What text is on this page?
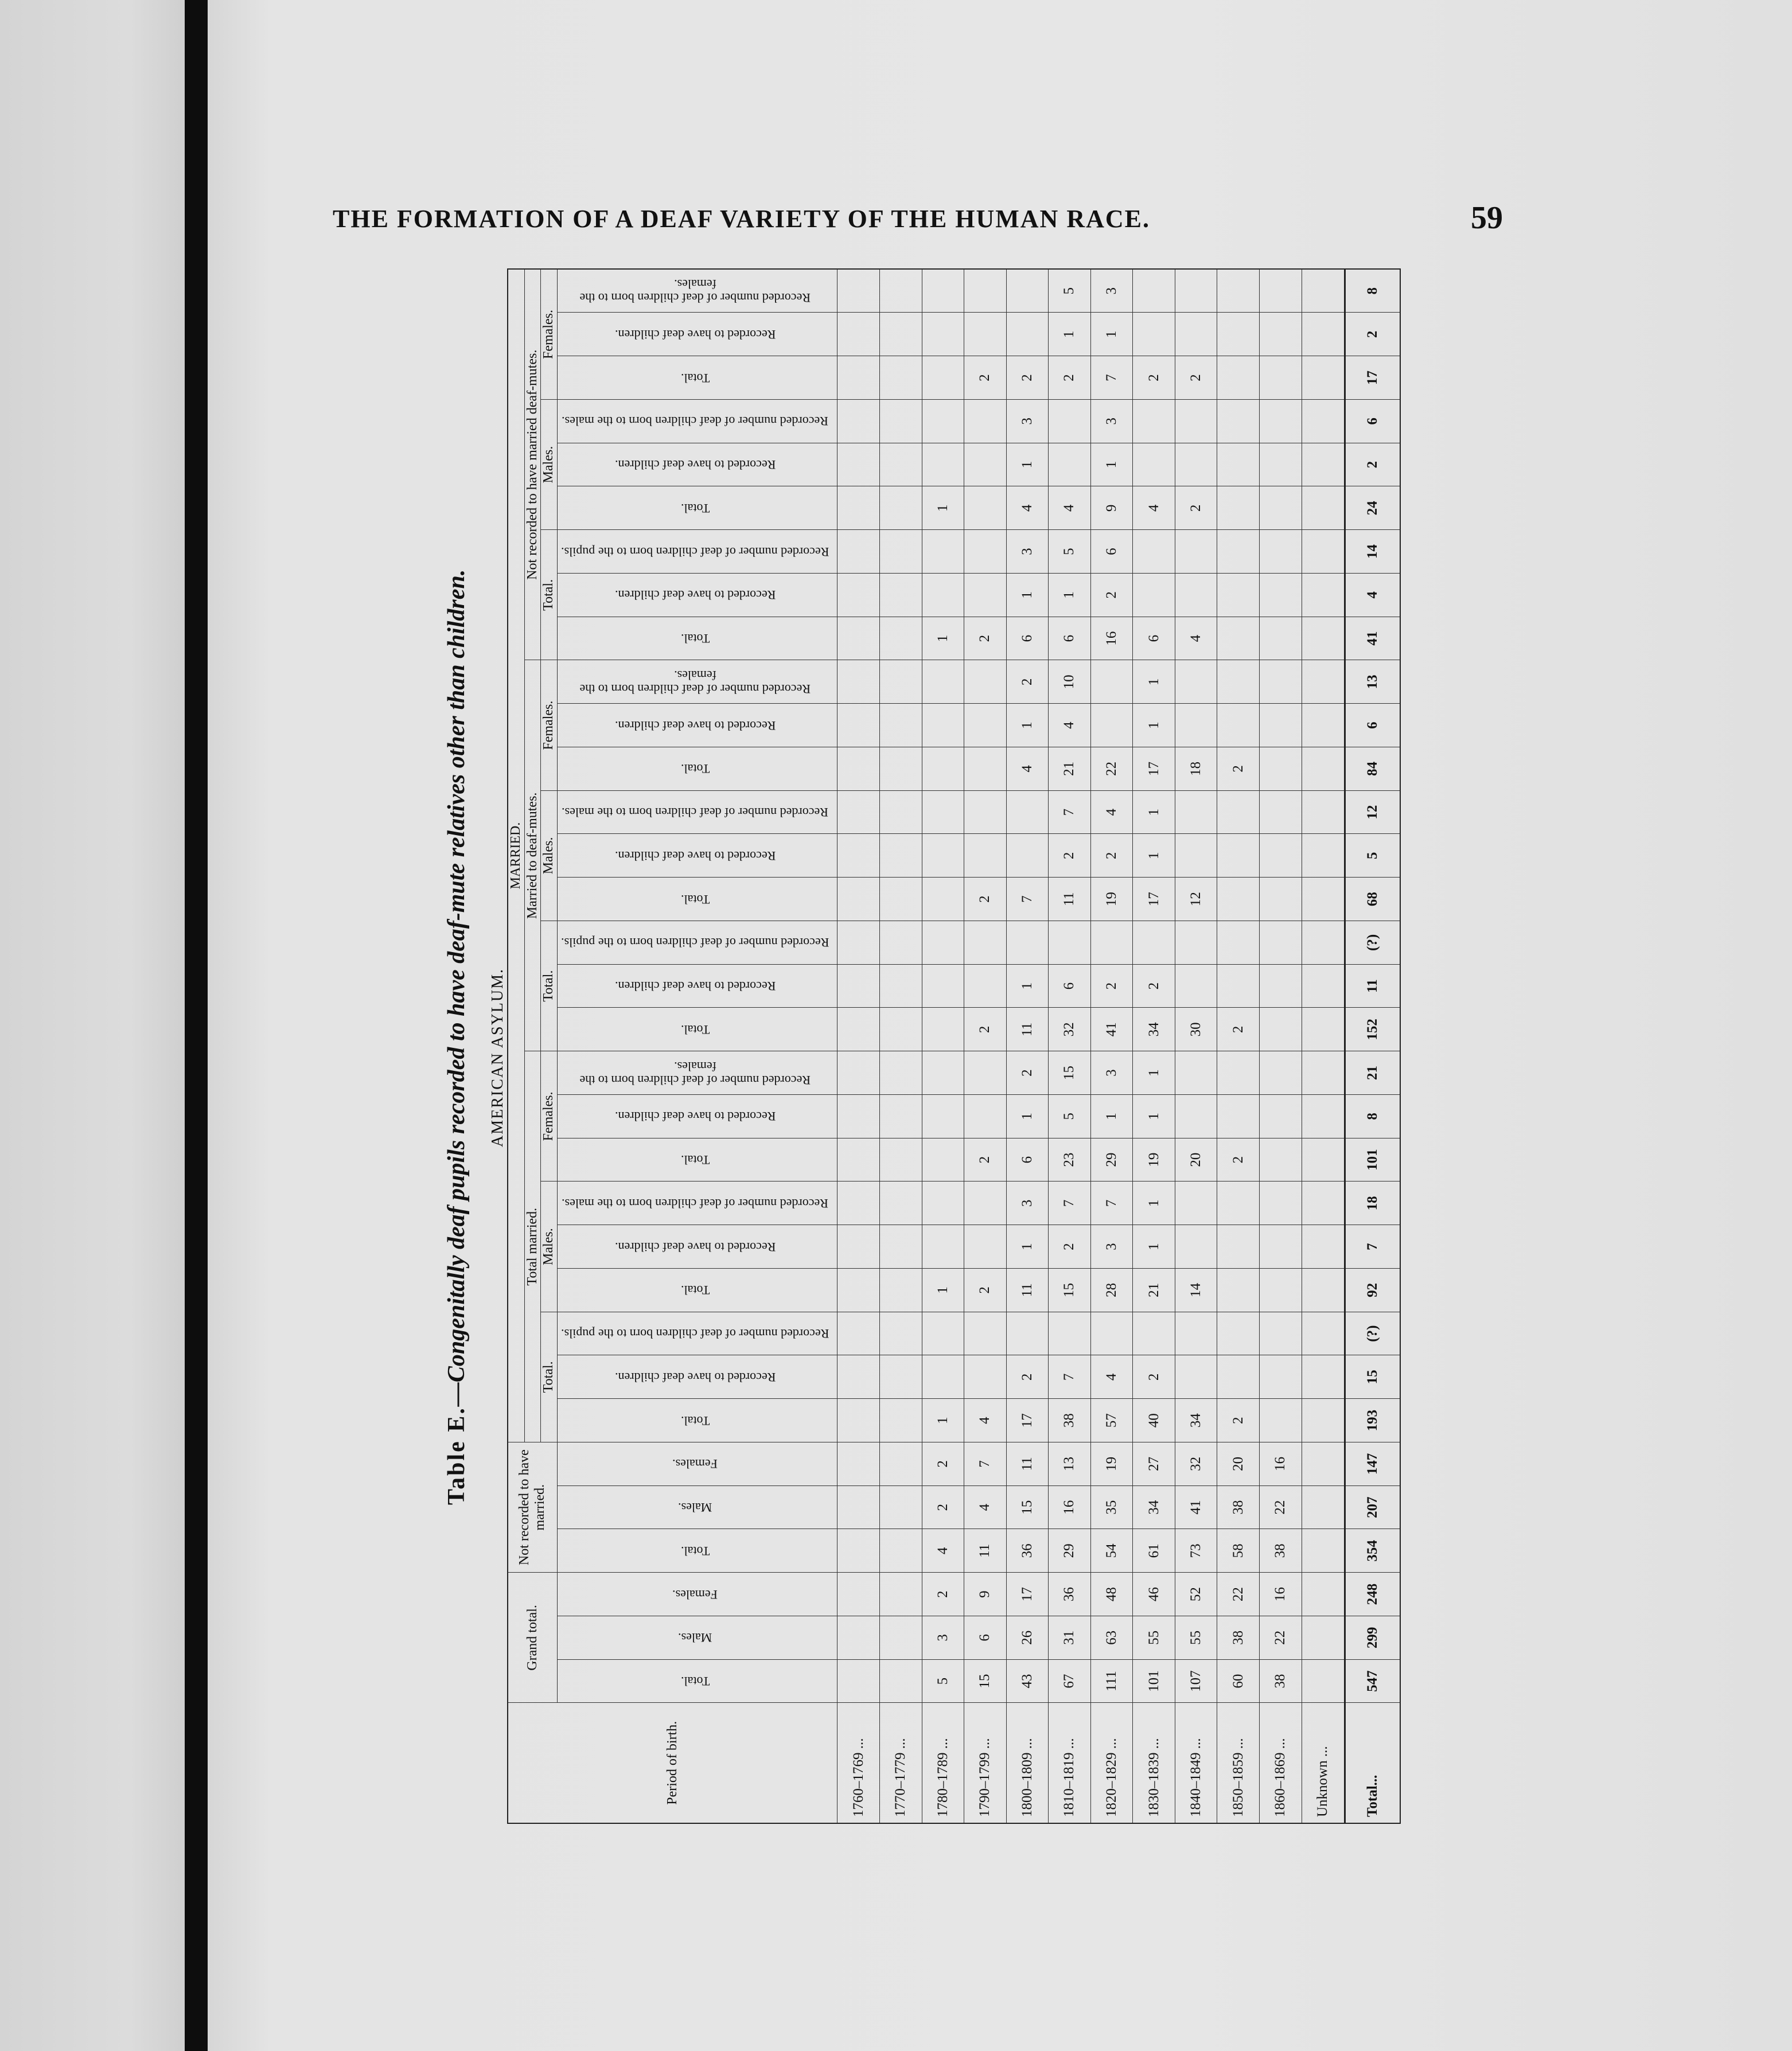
THE FORMATION OF A DEAF VARIETY OF THE HUMAN RACE.	59
Table E.—Congenitally deaf pupils recorded to have deaf-mute relatives other than children. AMERICAN ASYLUM.
Period of birth.	Grand total.			Not recorded to have married.			MARRIED.																										
							Total married.									Married to deaf-mutes.									Not recorded to have married deaf-mutes.								
							Total.			Males.			Females.			Total.			Males.			Females.			Total.			Males.			Females.		
	Total.	Males.	Females.	Total.	Males.	Females.	Total.	Recorded to have deaf children.	Recorded number of deaf children born to the pupils.	Total.	Recorded to have deaf children.	Recorded number of deaf children born to the males.	Total.	Recorded to have deaf children.	Recorded number of deaf children born to the females.	Total.	Recorded to have deaf children.	Recorded number of deaf children born to the pupils.	Total.	Recorded to have deaf children.	Recorded number of deaf children born to the males.	Total.	Recorded to have deaf children.	Recorded number of deaf children born to the females.	Total.	Recorded to have deaf children.	Recorded number of deaf children born to the pupils.	Total.	Recorded to have deaf children.	Recorded number of deaf children born to the males.	Total.	Recorded to have deaf children.	Recorded number of deaf children born to the females.
1760–1769 ...																																	
1770–1779 ...																																	
1780–1789 ...	5	3	2	4	2	2	1			1															1			1					
1790–1799 ...	15	6	9	11	4	7	4			2			2			2			2						2						2		
1800–1809 ...	43	26	17	36	15	11	17	2		11	1	3	6	1	2	11	1		7			4	1	2	6	1	3	4	1	3	2		
1810–1819 ...	67	31	36	29	16	13	38	7		15	2	7	23	5	15	32	6		11	2	7	21	4	10	6	1	5	4			2	1	5
1820–1829 ...	111	63	48	54	35	19	57	4		28	3	7	29	1	3	41	2		19	2	4	22			16	2	6	9	1	3	7	1	3
1830–1839 ...	101	55	46	61	34	27	40	2		21	1	1	19	1	1	34	2		17	1	1	17	1	1	6			4			2		
1840–1849 ...	107	55	52	73	41	32	34			14			20			30			12			18			4			2			2		
1850–1859 ...	60	38	22	58	38	20	2						2			2						2											
1860–1869 ...	38	22	16	38	22	16																											
Unknown ...																																	
Total...	547	299	248	354	207	147	193	15	(?)	92	7	18	101	8	21	152	11	(?)	68	5	12	84	6	13	41	4	14	24	2	6	17	2	8
